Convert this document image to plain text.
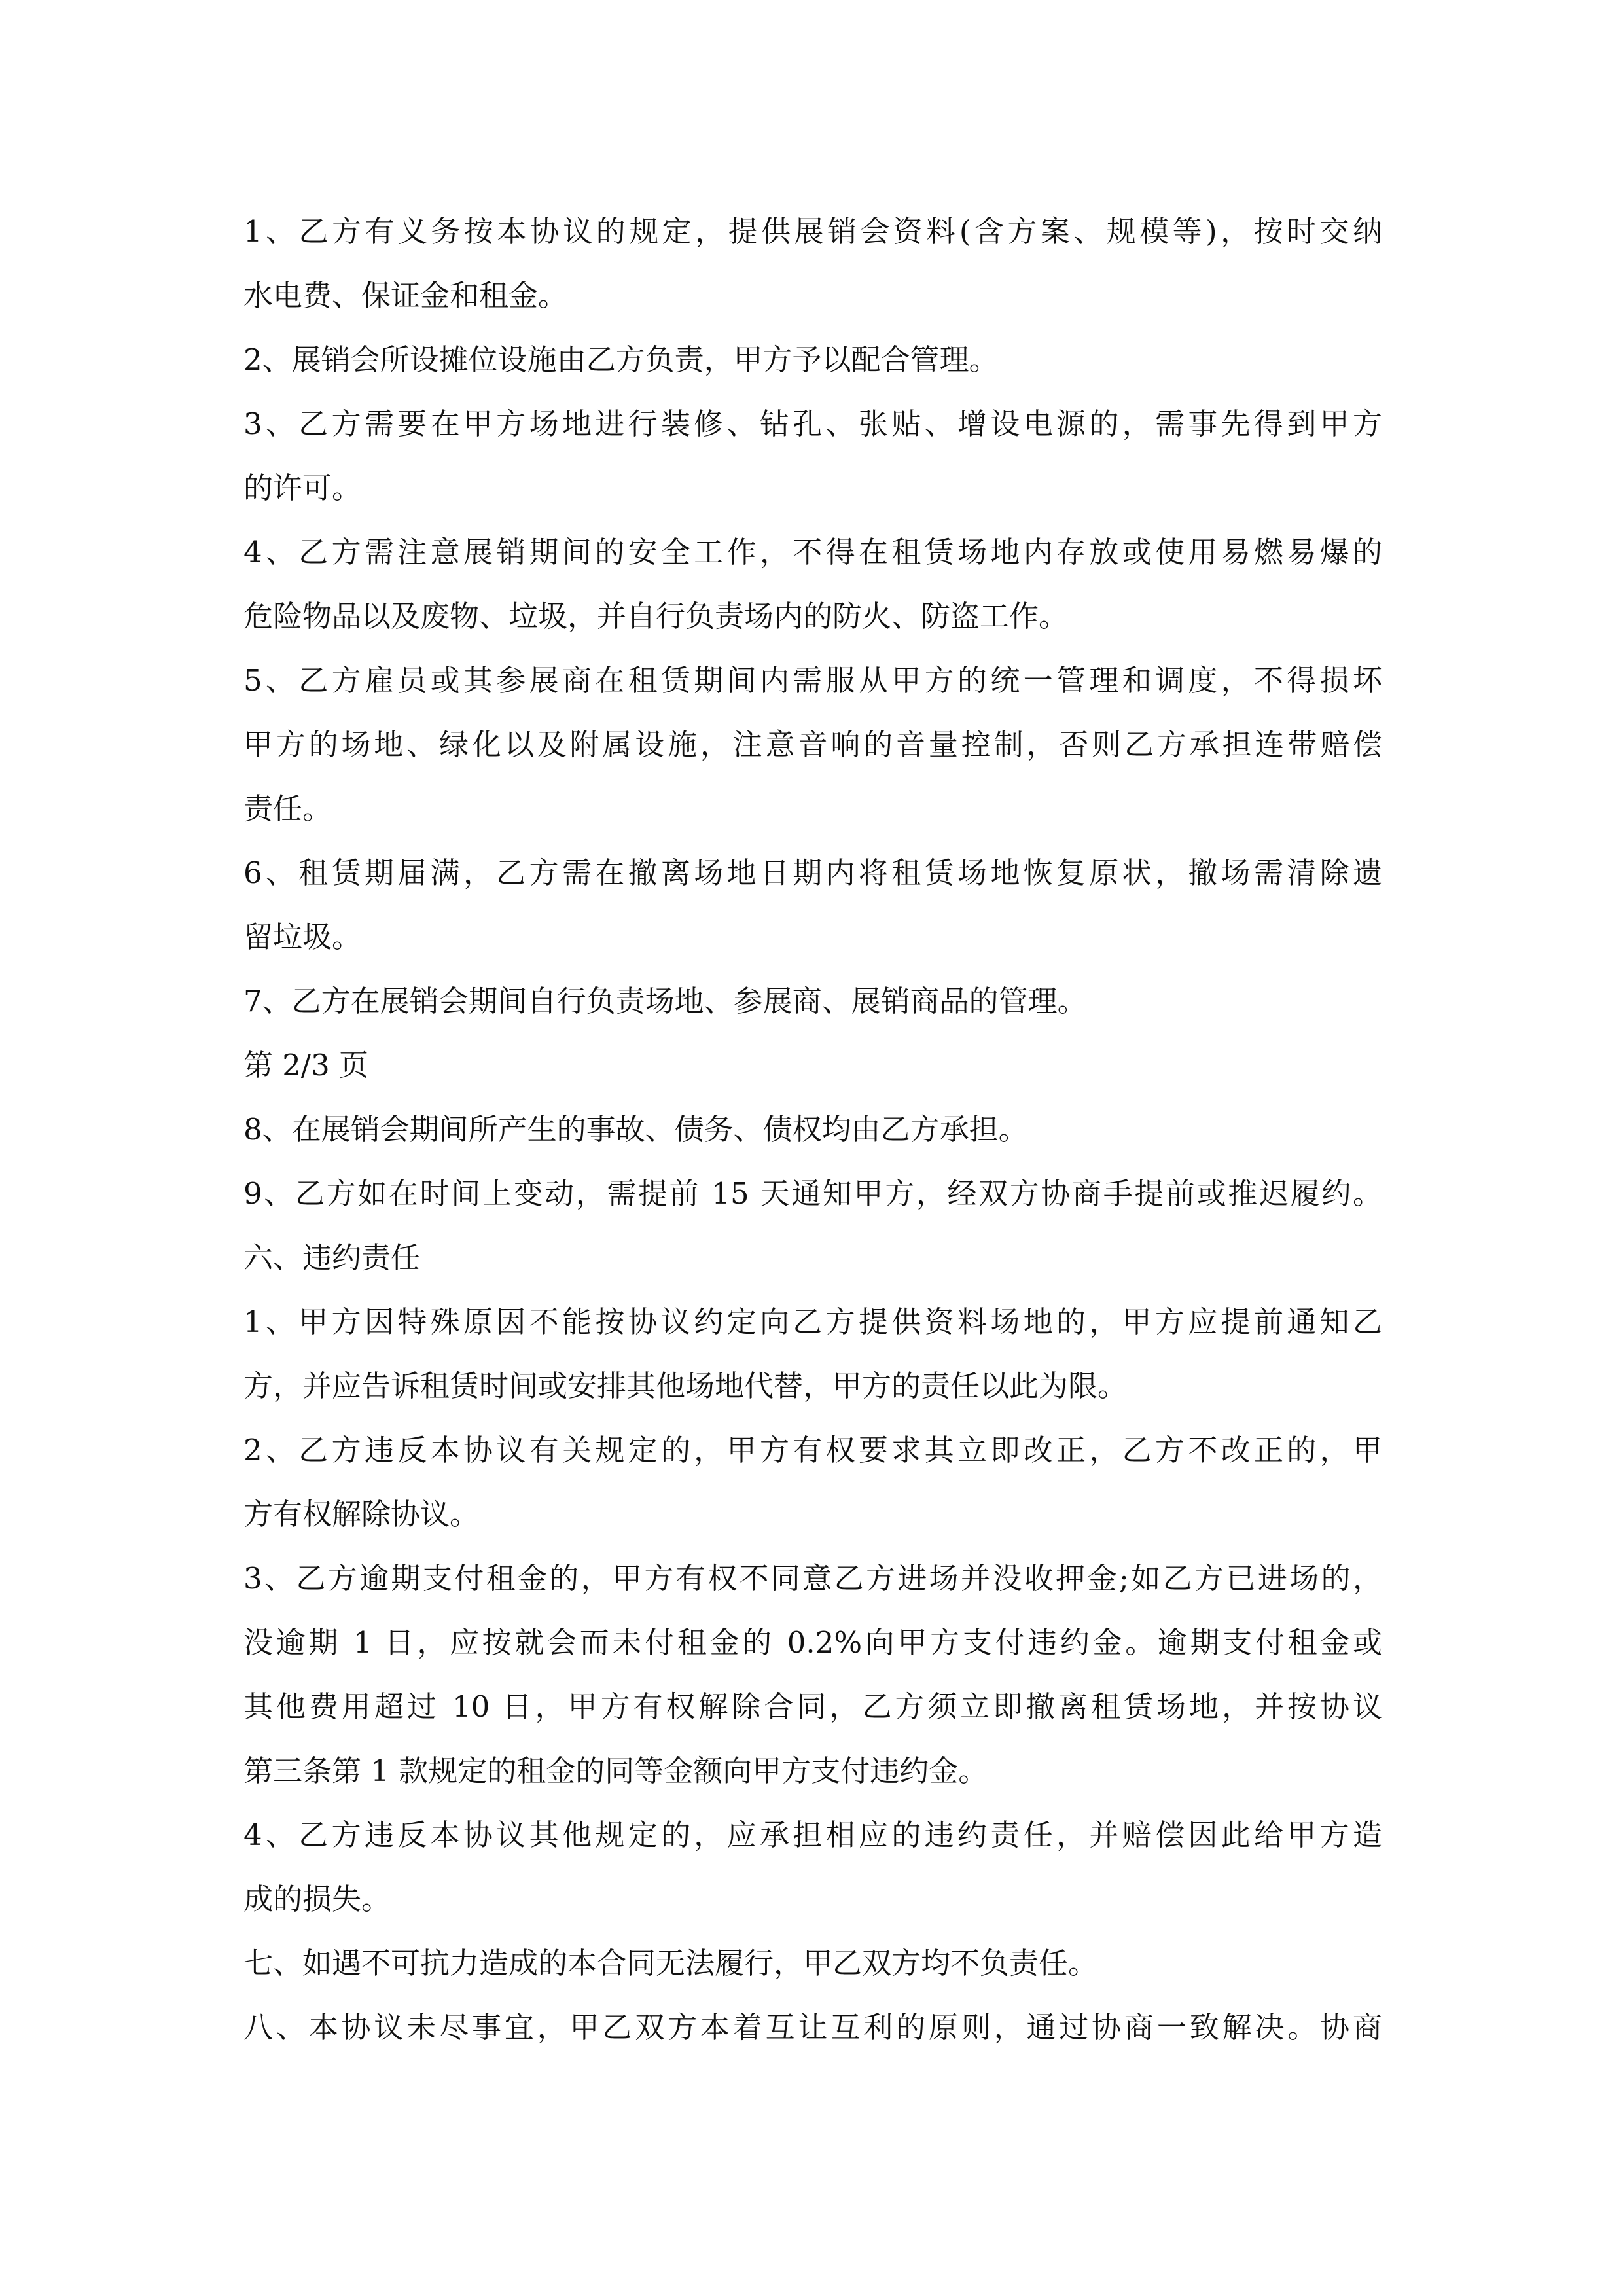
1、乙方有义务按本协议的规定，提供展销会资料(含方案、规模等)，按时交纳
水电费、保证金和租金。
2、展销会所设摊位设施由乙方负责，甲方予以配合管理。
3、乙方需要在甲方场地进行装修、钻孔、张贴、增设电源的，需事先得到甲方
的许可。
4、乙方需注意展销期间的安全工作，不得在租赁场地内存放或使用易燃易爆的
危险物品以及废物、垃圾，并自行负责场内的防火、防盗工作。
5、乙方雇员或其参展商在租赁期间内需服从甲方的统一管理和调度，不得损坏
甲方的场地、绿化以及附属设施，注意音响的音量控制，否则乙方承担连带赔偿
责任。
6、租赁期届满，乙方需在撤离场地日期内将租赁场地恢复原状，撤场需清除遗
留垃圾。
7、乙方在展销会期间自行负责场地、参展商、展销商品的管理。
第 2/3 页
8、在展销会期间所产生的事故、债务、债权均由乙方承担。
9、乙方如在时间上变动，需提前 15 天通知甲方，经双方协商手提前或推迟履约。
六、违约责任
1、甲方因特殊原因不能按协议约定向乙方提供资料场地的，甲方应提前通知乙
方，并应告诉租赁时间或安排其他场地代替，甲方的责任以此为限。
2、乙方违反本协议有关规定的，甲方有权要求其立即改正，乙方不改正的，甲
方有权解除协议。
3、乙方逾期支付租金的，甲方有权不同意乙方进场并没收押金;如乙方已进场的，
没逾期 1 日，应按就会而未付租金的 0.2%向甲方支付违约金。逾期支付租金或
其他费用超过 10 日，甲方有权解除合同，乙方须立即撤离租赁场地，并按协议
第三条第 1 款规定的租金的同等金额向甲方支付违约金。
4、乙方违反本协议其他规定的，应承担相应的违约责任，并赔偿因此给甲方造
成的损失。
七、如遇不可抗力造成的本合同无法履行，甲乙双方均不负责任。
八、本协议未尽事宜，甲乙双方本着互让互利的原则，通过协商一致解决。协商
